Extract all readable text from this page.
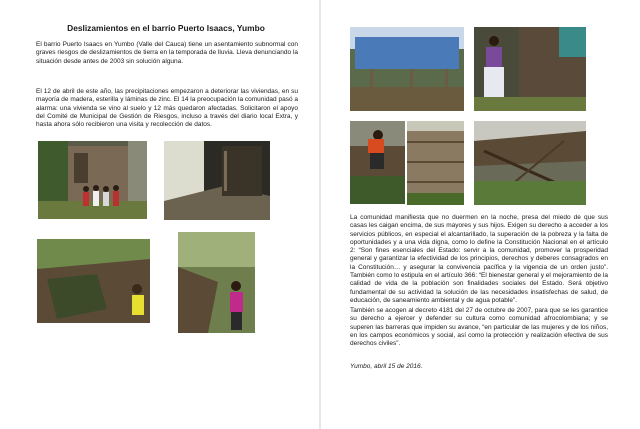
Deslizamientos en el barrio Puerto Isaacs, Yumbo

El barrio Puerto Isaacs en Yumbo (Valle del Cauca) tiene un asentamiento subnormal con graves riesgos de deslizamientos de tierra en la temporada de lluvia. Lleva denunciando la situación desde antes de 2003 sin solución alguna.

El 12 de abril de este año, las precipitaciones empezaron a deteriorar las viviendas, en su mayoría de madera, esterilla y láminas de zinc. El 14 la preocupación la comunidad pasó a alarma: una vivienda se vino al suelo y 12 más quedaron afectadas. Solicitaron el apoyo del Comité de Municipal de Gestión de Riesgos, incluso a través del diario local Extra, y hasta ahora sólo recibieron una visita y recolección de datos.

La comunidad manifiesta que no duermen en la noche, presa del miedo de que sus casas les caigan encima, de sus mayores y sus hijos. Exigen su derecho a acceder a los servicios públicos, en especial el alcantarillado, la superación de la pobreza y la falta de oportunidades y a una vida digna, como lo define la Constitución Nacional en el artículo 2: “Son fines esenciales del Estado: servir a la comunidad, promover la prosperidad general y garantizar la efectividad de los principios, derechos y deberes consagrados en la Constitución… y asegurar la convivencia pacífica y la vigencia de un orden justo”. También como lo estipula en el artículo 366: “El bienestar general y el mejoramiento de la calidad de vida de la población son finalidades sociales del Estado. Será objetivo fundamental de su actividad la solución de las necesidades insatisfechas de salud, de educación, de saneamiento ambiental y de agua potable”.

También se acogen al decreto 4181 del 27 de octubre de 2007, para que se les garantice su derecho a ejercer y defender su cultura como comunidad afrocolombiana; y se superen las barreras que impiden su avance, “en particular de las mujeres y de los niños, en los campos económicos y social, así como la protección y realización efectiva de sus derechos civiles”.

Yumbo, abril 15 de 2016.
